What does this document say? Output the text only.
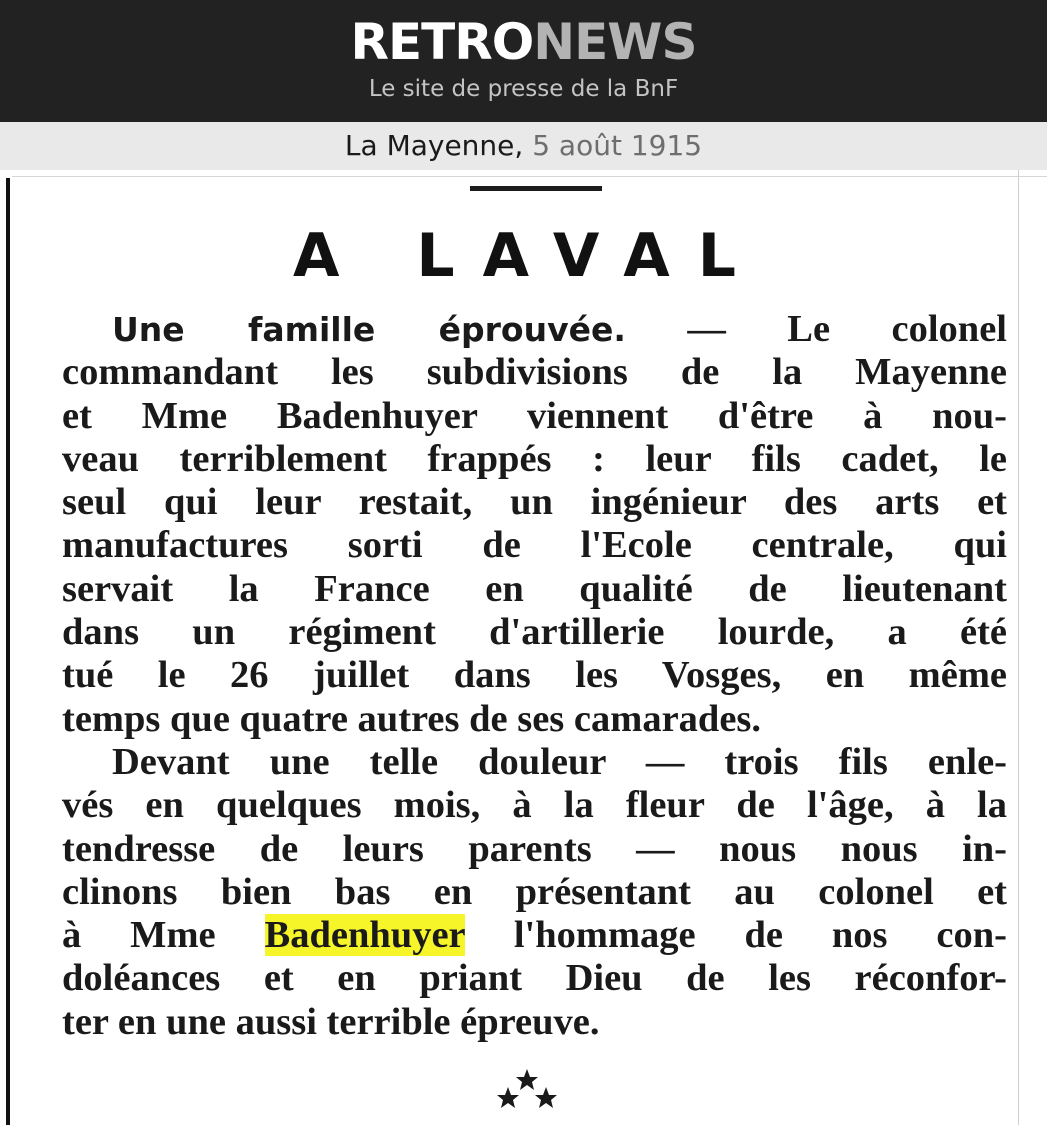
RETRONEWS
Le site de presse de la BnF
La Mayenne, 5 août 1915
A LAVAL
Une famille éprouvée. — Le colonel
commandant les subdivisions de la Mayenne
et Mme Badenhuyer viennent d'être à nou-
veau terriblement frappés : leur fils cadet, le
seul qui leur restait, un ingénieur des arts et
manufactures sorti de l'Ecole centrale, qui
servait la France en qualité de lieutenant
dans un régiment d'artillerie lourde, a été
tué le 26 juillet dans les Vosges, en même
temps que quatre autres de ses camarades.
Devant une telle douleur — trois fils enle-
vés en quelques mois, à la fleur de l'âge, à la
tendresse de leurs parents — nous nous in-
clinons bien bas en présentant au colonel et
à Mme Badenhuyer l'hommage de nos con-
doléances et en priant Dieu de les réconfor-
ter en une aussi terrible épreuve.
